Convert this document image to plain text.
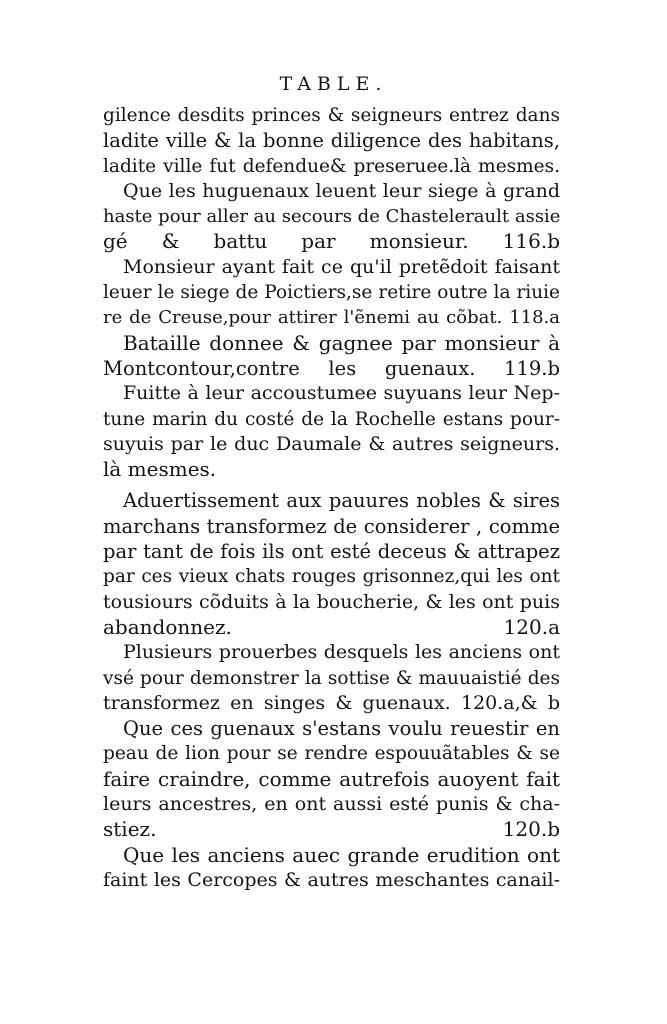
TABLE.
gilence desdits princes & seigneurs entrez dans
ladite ville & la bonne diligence des habitans,
ladite ville fut defendue& preseruee.là mesmes.
Que les huguenaux leuent leur siege à grand
haste pour aller au secours de Chastelerault assie
gé & battu par monsieur. 116.b
Monsieur ayant fait ce qu'il pretẽdoit faisant
leuer le siege de Poictiers,se retire outre la riuie
re de Creuse,pour attirer l'ẽnemi au cõbat. 118.a
Bataille donnee & gagnee par monsieur à
Montcontour,contre les guenaux. 119.b
Fuitte à leur accoustumee suyuans leur Nep-
tune marin du costé de la Rochelle estans pour-
suyuis par le duc Daumale & autres seigneurs.
là mesmes.
Aduertissement aux pauures nobles & sires
marchans transformez de considerer , comme
par tant de fois ils ont esté deceus & attrapez
par ces vieux chats rouges grisonnez,qui les ont
tousiours cõduits à la boucherie, & les ont puis
abandonnez. 120.a
Plusieurs prouerbes desquels les anciens ont
vsé pour demonstrer la sottise & mauuaistié des
transformez en singes & guenaux. 120.a,& b
Que ces guenaux s'estans voulu reuestir en
peau de lion pour se rendre espouuãtables & se
faire craindre, comme autrefois auoyent fait
leurs ancestres, en ont aussi esté punis & cha-
stiez. 120.b
Que les anciens auec grande erudition ont
faint les Cercopes & autres meschantes canail-
